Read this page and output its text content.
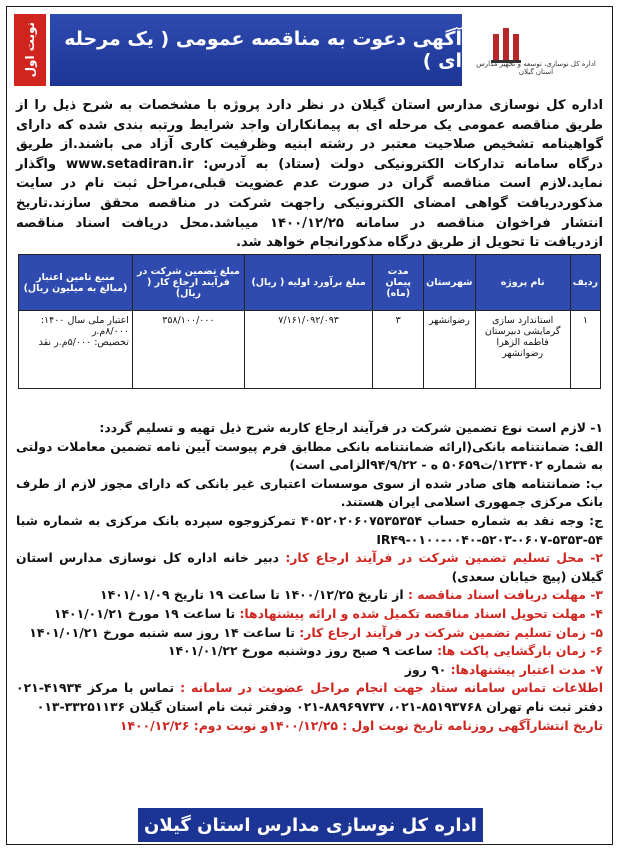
نوبت اول	آگهی دعوت به مناقصه عمومی ( یک مرحله ای )	اداره کل نوسازی، توسعه و تجهیز مدارس استان گیلان
اداره کل نوسازی مدارس استان گیلان در نظر دارد پروژه با مشخصات به شرح ذیل را از طریق مناقصه عمومی یک مرحله ای به پیمانکاران واجد شرایط ورتبه بندی شده که دارای گواهینامه تشخیص صلاحیت معتبر در رشته ابنیه وظرفیت کاری آزاد می باشند.از طریق درگاه سامانه تدارکات الکترونیکی دولت (ستاد) به آدرس: www.setadiran.ir واگذار نماید.لازم است مناقصه گران در صورت عدم عضویت قبلی،مراحل ثبت نام در سایت مذکوردریافت گواهی امضای الکترونیکی راجهت شرکت در مناقصه محقق سازند.تاریخ انتشار فراخوان مناقصه در سامانه ۱۴۰۰/۱۲/۲۵ میباشد.محل دریافت اسناد مناقصه ازدریافت تا تحویل از طریق درگاه مذکورانجام خواهد شد.
ردیف	نام پروژه	شهرستان	مدت پیمان (ماه)	مبلغ برآورد اولیه ( ریال)	مبلغ تضمین شرکت در فرآیند ارجاع کار ( ریال)	منبع تامین اعتبار (مبالغ به میلیون ریال)
۱	استاندارد سازی گرمایشی دبیرستان فاطمه الزهرا رضوانشهر	رضوانشهر	۳	۷/۱۶۱/۰۹۲/۰۹۳	۳۵۸/۱۰۰/۰۰۰	اعتبار ملی سال ۱۴۰۰:
۸/۰۰۰م.ر
تخصیص: ۵/۰۰۰م.ر نقد

۱- لازم است نوع تضمین شرکت در فرآیند ارجاع کاربه شرح ذیل تهیه و تسلیم گردد:

الف: ضمانتنامه بانکی(ارائه ضمانتنامه بانکی مطابق فرم پیوست آیین نامه تضمین معاملات دولتی به شماره ۱۲۳۴۰۲/ت۵۰۶۵۹ ه - ۹۴/۹/۲۲الزامی است)

ب: ضمانتنامه های صادر شده از سوی موسسات اعتباری غیر بانکی که دارای مجوز لازم از طرف بانک مرکزی جمهوری اسلامی ایران هستند.

ج: وجه نقد به شماره حساب ۴۰۵۲۰۲۰۶۰۷۵۳۵۳۵۴ تمرکزوجوه سپرده بانک مرکزی به شماره شبا ۵۴-۵۳۵۳-۰۶۰۷-۵۲۰۳-۰۰۴۰-۰۱۰۰-IR۴۹

۲- محل تسلیم تضمین شرکت در فرآیند ارجاع کار: دبیر خانه اداره کل نوسازی مدارس استان گیلان (پیچ خیابان سعدی)

۳- مهلت دریافت اسناد مناقصه : از تاریخ ۱۴۰۰/۱۲/۲۵ تا ساعت ۱۹ تاریخ ۱۴۰۱/۰۱/۰۹

۴- مهلت تحویل اسناد مناقصه تکمیل شده و ارائه پیشنهادها: تا ساعت ۱۹ مورخ ۱۴۰۱/۰۱/۲۱

۵- زمان تسلیم تضمین شرکت در فرآیند ارجاع کار: تا ساعت ۱۴ روز سه شنبه مورخ ۱۴۰۱/۰۱/۲۱

۶- زمان بازگشایی پاکت ها: ساعت ۹ صبح روز دوشنبه مورخ ۱۴۰۱/۰۱/۲۲

۷- مدت اعتبار پیشنهادها: ۹۰ روز

اطلاعات تماس سامانه ستاد جهت انجام مراحل عضویت در سامانه : تماس با مرکز ۴۱۹۳۴-۰۲۱ دفتر ثبت نام تهران ۸۵۱۹۳۷۶۸-۰۲۱، ۸۸۹۶۹۷۳۷-۰۲۱ ودفتر ثبت نام استان گیلان ۳۳۲۵۱۱۳۶-۰۱۳

تاریخ انتشارآگهی روزنامه تاریخ نوبت اول : ۱۴۰۰/۱۲/۲۵و نوبت دوم: ۱۴۰۰/۱۲/۲۶

اداره کل نوسازی مدارس استان گیلان
